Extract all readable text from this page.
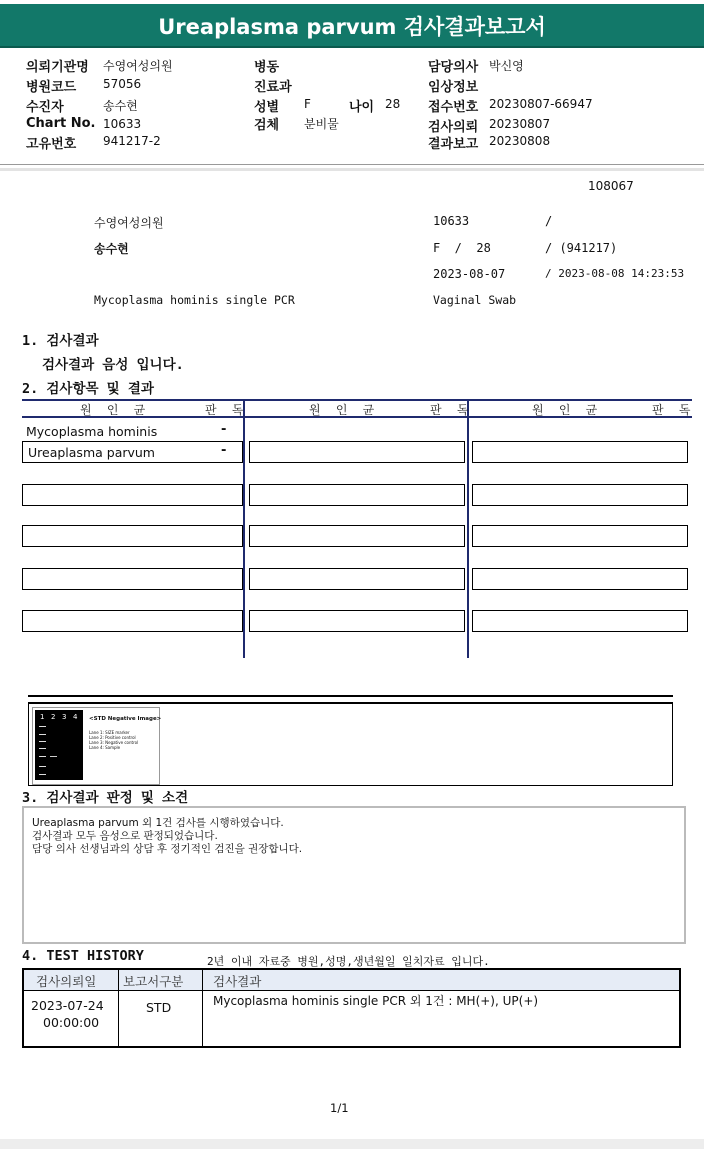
Ureaplasma parvum 검사결과보고서
의뢰기관명 수영여성의원
병원코드 57056
수진자	송수현
Chart No. 10633
고유번호 941217-2
병동
진료과
성별 F	나이 28
검체 분비물
담당의사 박신영
임상정보
접수번호 20230807-66947
검사의뢰 20230807
결과보고 20230808
108067
수영여성의원	10633	/
송수현	F  /  28	/ (941217)
2023-08-07	/ 2023-08-08 14:23:53
Mycoplasma hominis single PCR	Vaginal Swab
1. 검사결과
검사결과 음성 입니다.
2. 검사항목 및 결과
원 인 균	판 독	원 인 균	판 독	원 인 균	판 독
Mycoplasma hominis	-
Ureaplasma parvum	-
1 2 3 4 <STD Negative Image>
Lane 1: SIZE marker
Lane 2: Positive control
Lane 3: Negative control
Lane 4: Sample
3. 검사결과 판정 및 소견
Ureaplasma parvum 외 1건 검사를 시행하였습니다.
검사결과 모두 음성으로 판정되었습니다.
담당 의사 선생님과의 상담 후 정기적인 검진을 권장합니다.
4. TEST HISTORY	2년 이내 자료중 병원,성명,생년월일 일치자료 입니다.
검사의뢰일 보고서구분 검사결과
2023-07-24
00:00:00
STD	Mycoplasma hominis single PCR 외 1건 : MH(+), UP(+)
1/1
